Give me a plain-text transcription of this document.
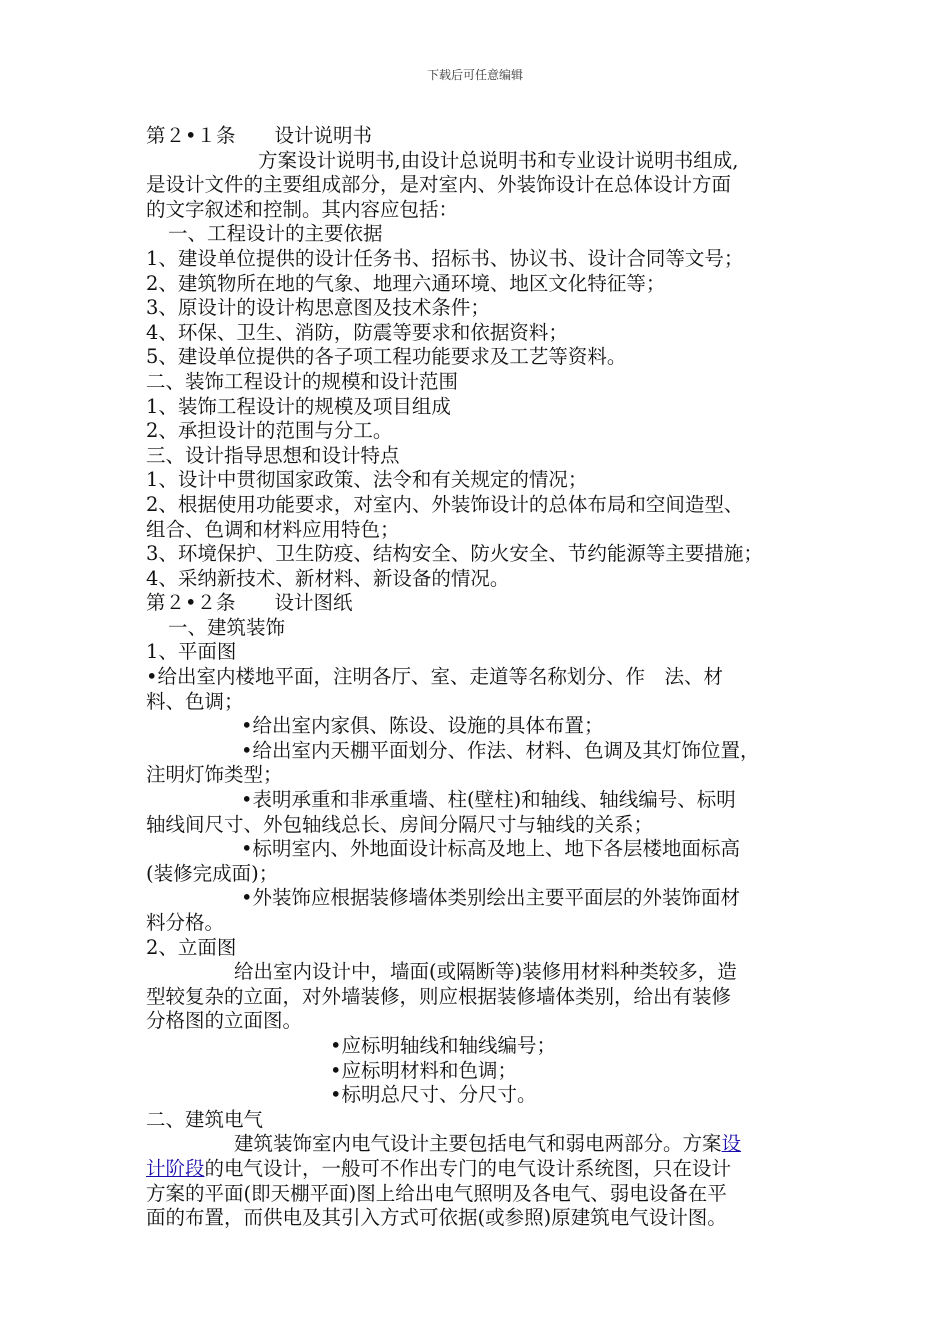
下载后可任意编辑
第２•１条　　设计说明书
方案设计说明书,由设计总说明书和专业设计说明书组成,
是设计文件的主要组成部分，是对室内、外装饰设计在总体设计方面
的文字叙述和控制。其内容应包括：
一、工程设计的主要依据
1、建设单位提供的设计任务书、招标书、协议书、设计合同等文号；
2、建筑物所在地的气象、地理六通环境、地区文化特征等；
3、原设计的设计构思意图及技术条件；
4、环保、卫生、消防，防震等要求和依据资料；
5、建设单位提供的各子项工程功能要求及工艺等资料。
二、装饰工程设计的规模和设计范围
1、装饰工程设计的规模及项目组成
2、承担设计的范围与分工。
三、设计指导思想和设计特点
1、设计中贯彻国家政策、法令和有关规定的情况；
2、根据使用功能要求，对室内、外装饰设计的总体布局和空间造型、
组合、色调和材料应用特色；
3、环境保护、卫生防疫、结构安全、防火安全、节约能源等主要措施；
4、采纳新技术、新材料、新设备的情况。
第２•２条　　设计图纸
一、建筑装饰
1、平面图
•给出室内楼地平面，注明各厅、室、走道等名称划分、作　法、材
料、色调；
•给出室内家俱、陈设、设施的具体布置；
•给出室内天棚平面划分、作法、材料、色调及其灯饰位置，
注明灯饰类型；
•表明承重和非承重墙、柱(壁柱)和轴线、轴线编号、标明
轴线间尺寸、外包轴线总长、房间分隔尺寸与轴线的关系；
•标明室内、外地面设计标高及地上、地下各层楼地面标高
(装修完成面)；
•外装饰应根据装修墙体类别绘出主要平面层的外装饰面材
料分格。
2、立面图
给出室内设计中，墙面(或隔断等)装修用材料种类较多，造
型较复杂的立面，对外墙装修，则应根据装修墙体类别，给出有装修
分格图的立面图。
•应标明轴线和轴线编号；
•应标明材料和色调；
•标明总尺寸、分尺寸。
二、建筑电气
建筑装饰室内电气设计主要包括电气和弱电两部分。方案设
计阶段的电气设计，一般可不作出专门的电气设计系统图，只在设计
方案的平面(即天棚平面)图上给出电气照明及各电气、弱电设备在平
面的布置，而供电及其引入方式可依据(或参照)原建筑电气设计图。
